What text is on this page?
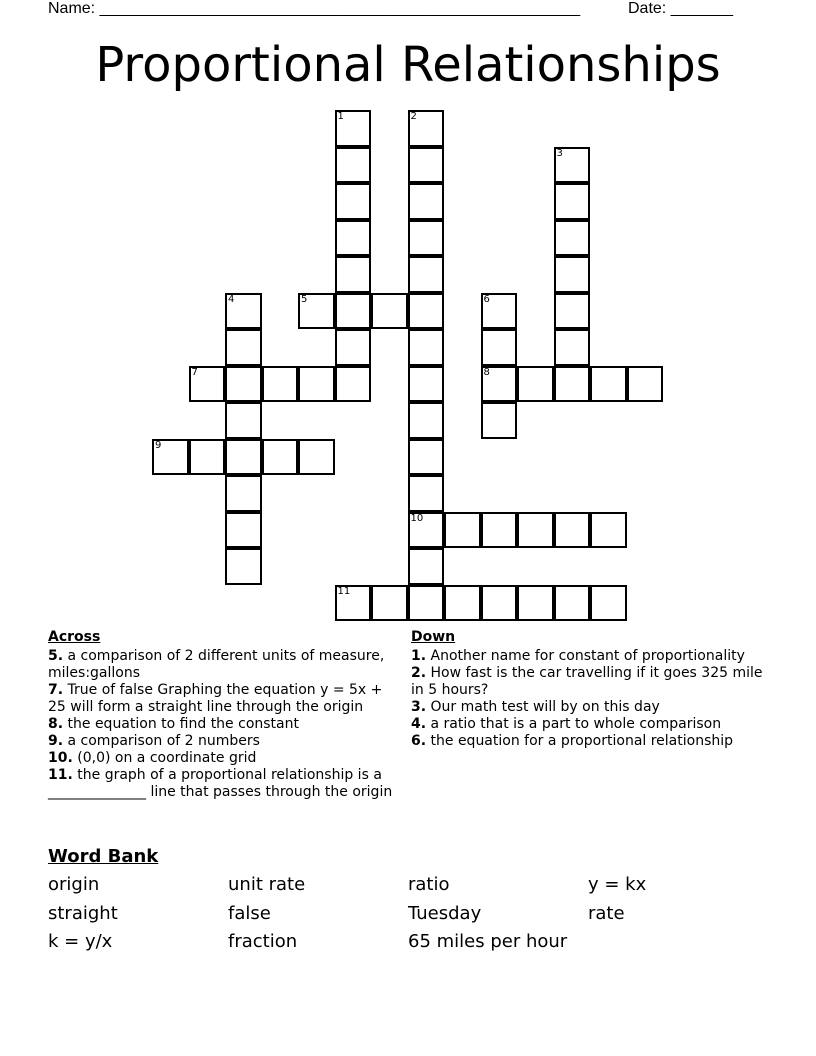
Name: ______________________________________________________	Date: _______
Proportional Relationships
1	2
10
3
4	5	6
8
7
9
11
Across
5. a comparison of 2 different units of measure, miles:gallons
7. True of false Graphing the equation y = 5x + 25 will form a straight line through the origin
8. the equation to find the constant
9. a comparison of 2 numbers
10. (0,0) on a coordinate grid
11. the graph of a proportional relationship is a ______________ line that passes through the origin
Down
1. Another name for constant of proportionality
2. How fast is the car travelling if it goes 325 mile in 5 hours?
3. Our math test will by on this day
4. a ratio that is a part to whole comparison
6. the equation for a proportional relationship
Word Bank
origin	unit rate	ratio	y = kx
straight	false	Tuesday	rate
k = y/x	fraction	65 miles per hour
